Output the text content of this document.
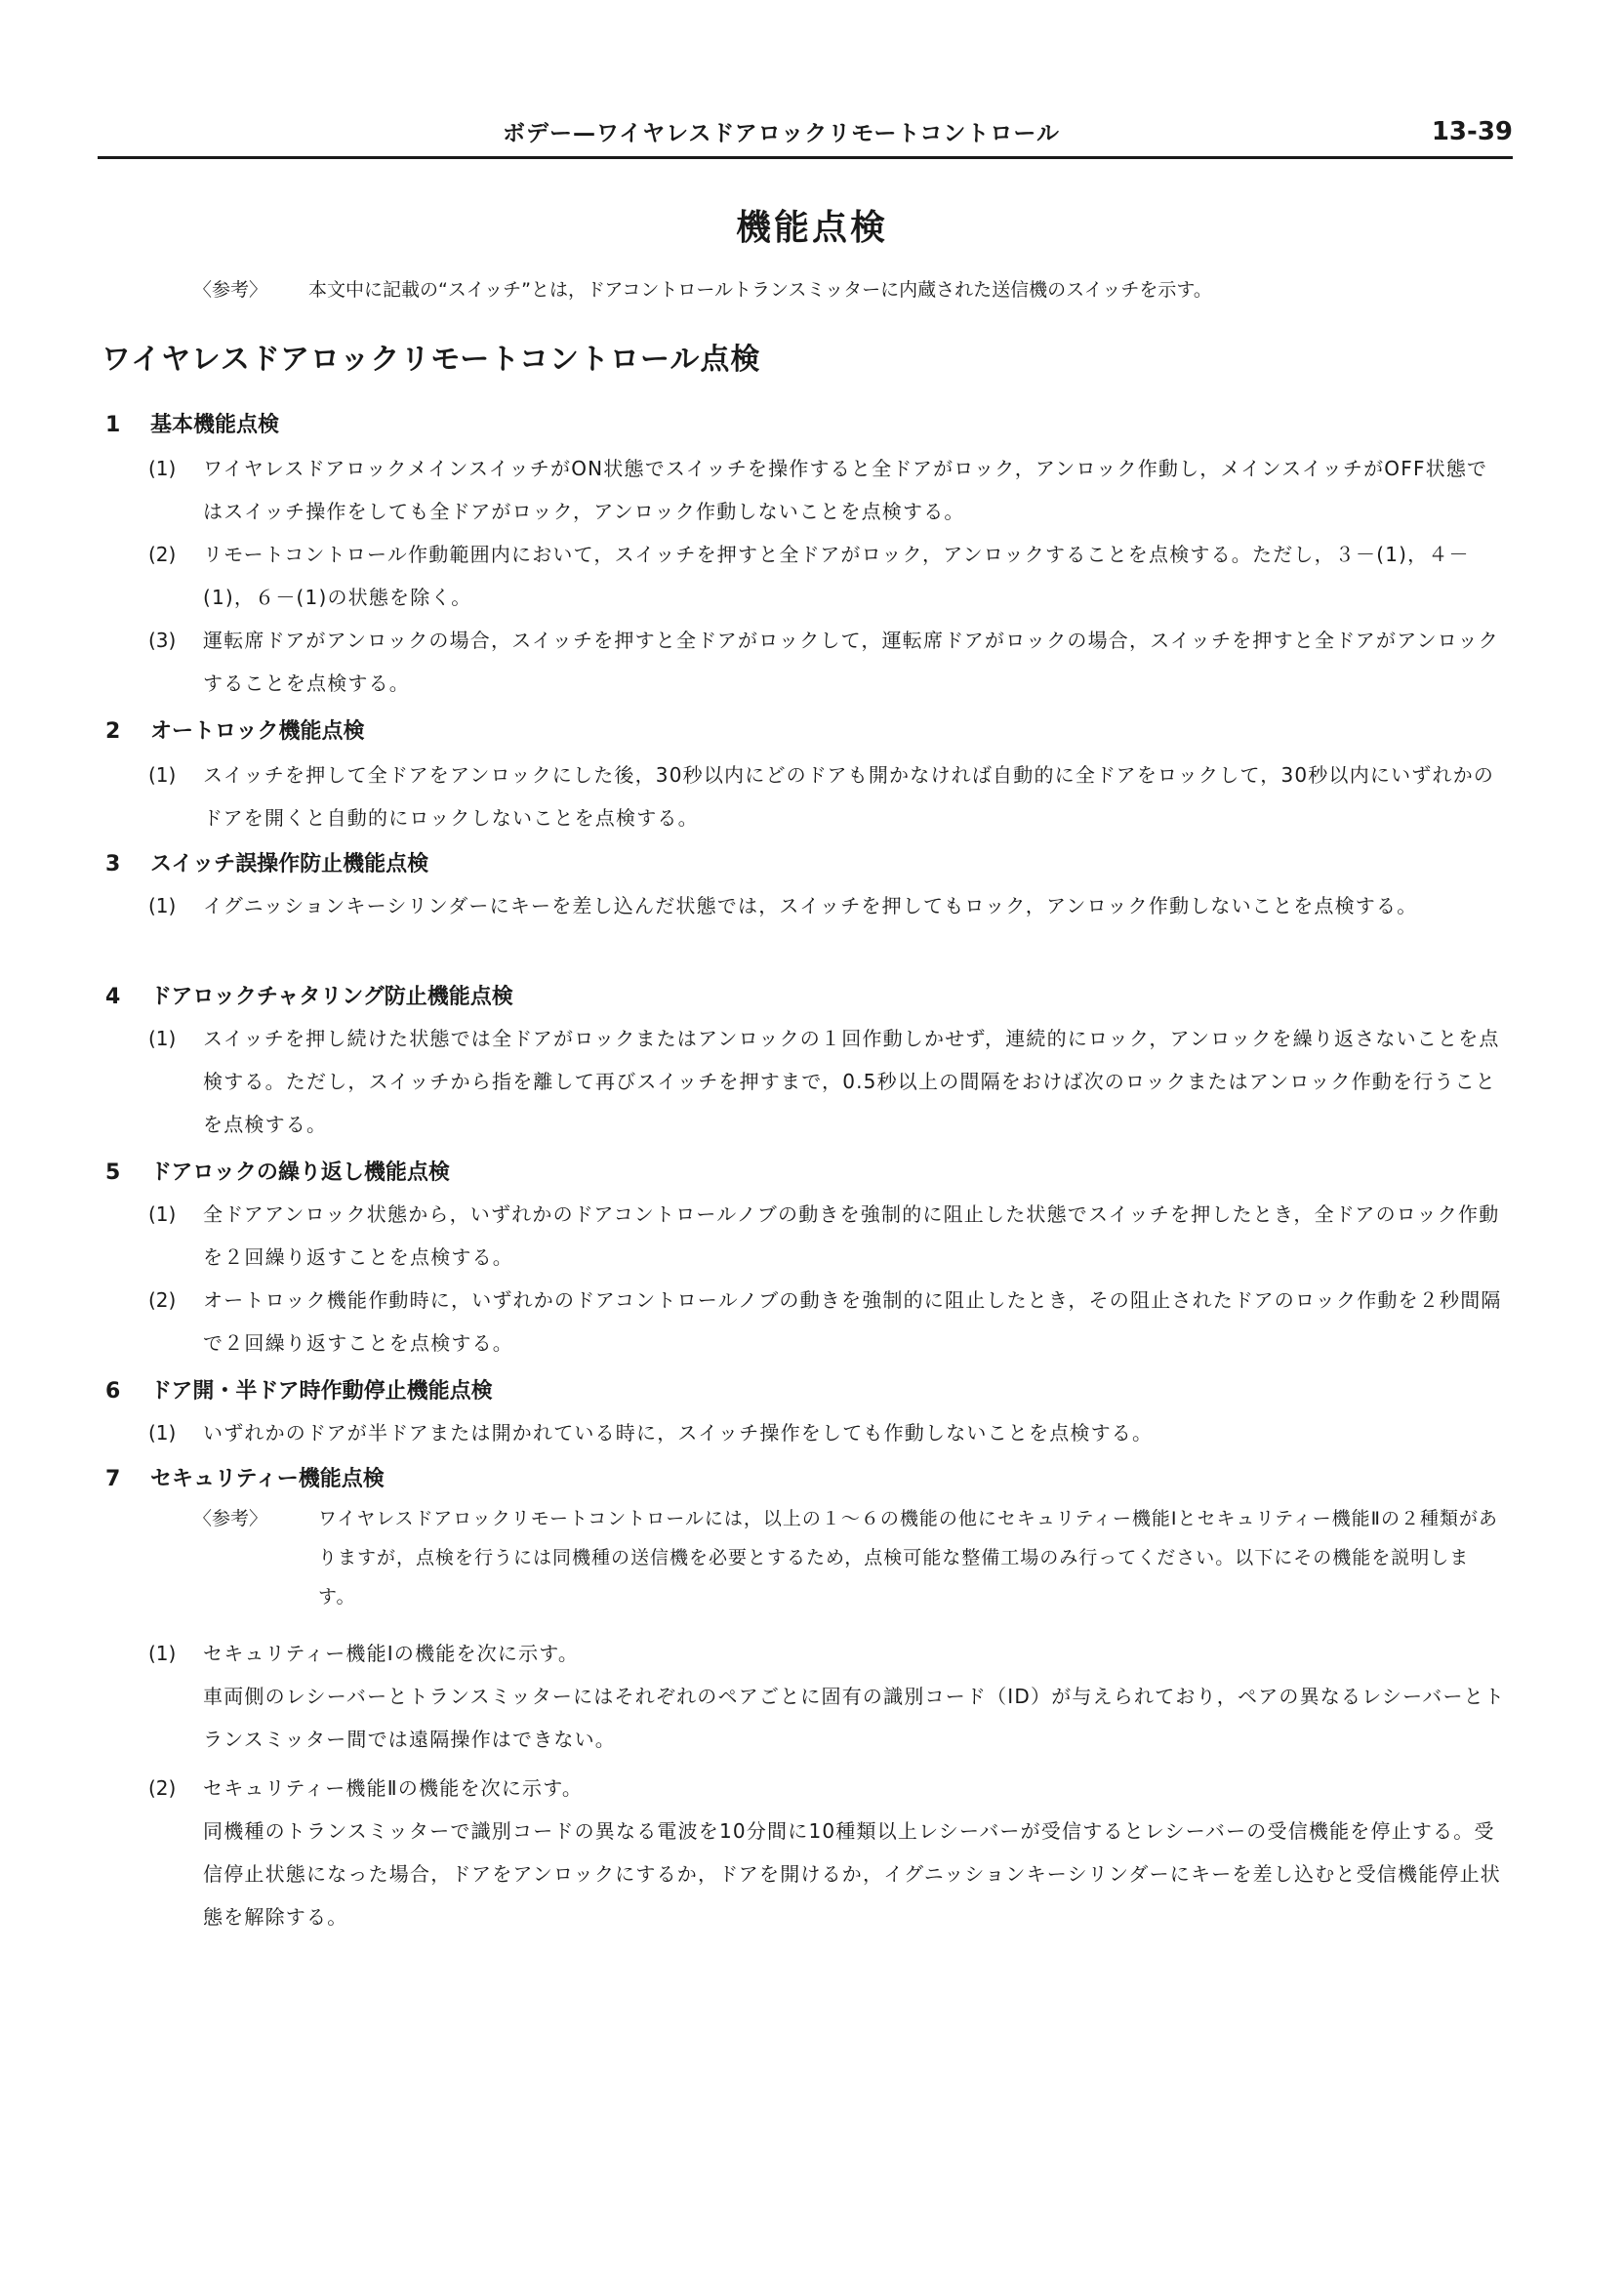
ボデー—ワイヤレスドアロックリモートコントロール	13-39
機能点検
〈参考〉 本文中に記載の“スイッチ”とは，ドアコントロールトランスミッターに内蔵された送信機のスイッチを示す。
ワイヤレスドアロックリモートコントロール点検
1 基本機能点検
(1) ワイヤレスドアロックメインスイッチがON状態でスイッチを操作すると全ドアがロック，アンロック作動し，メインスイッチがOFF状態ではスイッチ操作をしても全ドアがロック，アンロック作動しないことを点検する。
(2) リモートコントロール作動範囲内において，スイッチを押すと全ドアがロック，アンロックすることを点検する。ただし，３－(1)，４－(1)，６－(1)の状態を除く。
(3) 運転席ドアがアンロックの場合，スイッチを押すと全ドアがロックして，運転席ドアがロックの場合，スイッチを押すと全ドアがアンロックすることを点検する。
2 オートロック機能点検
(1) スイッチを押して全ドアをアンロックにした後，30秒以内にどのドアも開かなければ自動的に全ドアをロックして，30秒以内にいずれかのドアを開くと自動的にロックしないことを点検する。
3 スイッチ誤操作防止機能点検
(1) イグニッションキーシリンダーにキーを差し込んだ状態では，スイッチを押してもロック，アンロック作動しないことを点検する。
4 ドアロックチャタリング防止機能点検
(1) スイッチを押し続けた状態では全ドアがロックまたはアンロックの１回作動しかせず，連続的にロック，アンロックを繰り返さないことを点検する。ただし，スイッチから指を離して再びスイッチを押すまで，0.5秒以上の間隔をおけば次のロックまたはアンロック作動を行うことを点検する。
5 ドアロックの繰り返し機能点検
(1) 全ドアアンロック状態から，いずれかのドアコントロールノブの動きを強制的に阻止した状態でスイッチを押したとき，全ドアのロック作動を２回繰り返すことを点検する。
(2) オートロック機能作動時に，いずれかのドアコントロールノブの動きを強制的に阻止したとき，その阻止されたドアのロック作動を２秒間隔で２回繰り返すことを点検する。
6 ドア開・半ドア時作動停止機能点検
(1) いずれかのドアが半ドアまたは開かれている時に，スイッチ操作をしても作動しないことを点検する。
7 セキュリティー機能点検
〈参考〉	ワイヤレスドアロックリモートコントロールには，以上の１～６の機能の他にセキュリティー機能Ⅰとセキュリティー機能Ⅱの２種類がありますが，点検を行うには同機種の送信機を必要とするため，点検可能な整備工場のみ行ってください。以下にその機能を説明します。
(1) セキュリティー機能Ⅰの機能を次に示す。
車両側のレシーバーとトランスミッターにはそれぞれのペアごとに固有の識別コード（ID）が与えられており，ペアの異なるレシーバーとトランスミッター間では遠隔操作はできない。
(2) セキュリティー機能Ⅱの機能を次に示す。
同機種のトランスミッターで識別コードの異なる電波を10分間に10種類以上レシーバーが受信するとレシーバーの受信機能を停止する。受信停止状態になった場合，ドアをアンロックにするか，ドアを開けるか，イグニッションキーシリンダーにキーを差し込むと受信機能停止状態を解除する。
